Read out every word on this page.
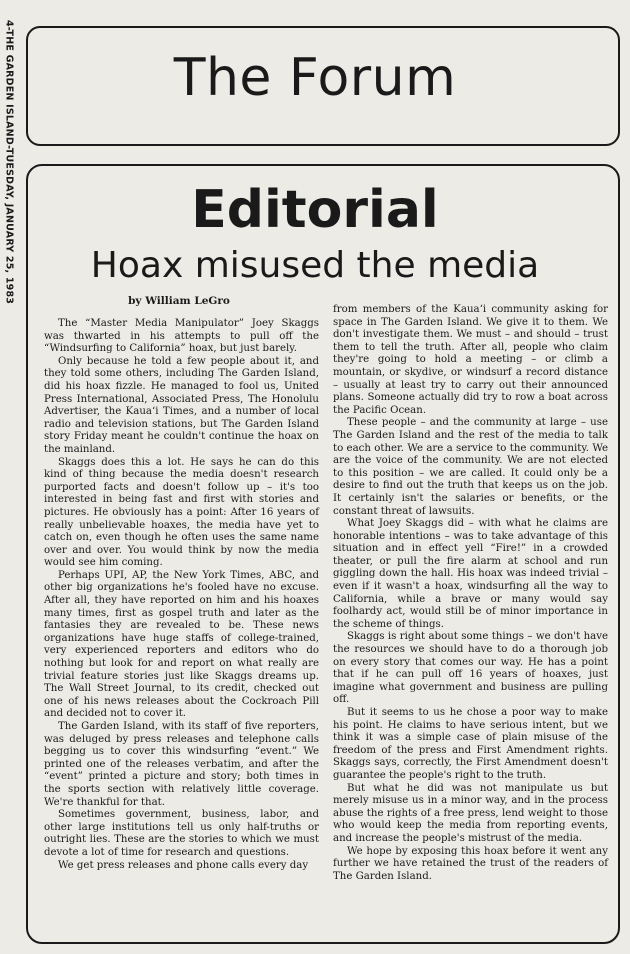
4-THE GARDEN ISLAND-TUESDAY, JANUARY 25, 1983	The Forum
Editorial
Hoax misused the media
by William LeGro

The “Master Media Manipulator” Joey Skaggs was thwarted in his attempts to pull off the “Windsurfing to California” hoax, but just barely.

Only because he told a few people about it, and they told some others, including The Garden Island, did his hoax fizzle. He managed to fool us, United Press International, Associated Press, The Honolulu Advertiser, the Kaua‘i Times, and a number of local radio and television stations, but The Garden Island story Friday meant he couldn't continue the hoax on the mainland.

Skaggs does this a lot. He says he can do this kind of thing because the media doesn't research purported facts and doesn't follow up – it's too interested in being fast and first with stories and pictures. He obviously has a point: After 16 years of really unbelievable hoaxes, the media have yet to catch on, even though he often uses the same name over and over. You would think by now the media would see him coming.

Perhaps UPI, AP, the New York Times, ABC, and other big organizations he's fooled have no excuse. After all, they have reported on him and his hoaxes many times, first as gospel truth and later as the fantasies they are revealed to be. These news organizations have huge staffs of college-trained, very experienced reporters and editors who do nothing but look for and report on what really are trivial feature stories just like Skaggs dreams up. The Wall Street Journal, to its credit, checked out one of his news releases about the Cockroach Pill and decided not to cover it.

The Garden Island, with its staff of five reporters, was deluged by press releases and telephone calls begging us to cover this windsurfing “event.” We printed one of the releases verbatim, and after the “event” printed a picture and story; both times in the sports section with relatively little coverage. We're thankful for that.

Sometimes government, business, labor, and other large institutions tell us only half-truths or outright lies. These are the stories to which we must devote a lot of time for research and questions.

We get press releases and phone calls every day

from members of the Kaua‘i community asking for space in The Garden Island. We give it to them. We don't investigate them. We must – and should – trust them to tell the truth. After all, people who claim they're going to hold a meeting – or climb a mountain, or skydive, or windsurf a record distance – usually at least try to carry out their announced plans. Someone actually did try to row a boat across the Pacific Ocean.

These people – and the community at large – use The Garden Island and the rest of the media to talk to each other. We are a service to the community. We are the voice of the community. We are not elected to this position – we are called. It could only be a desire to find out the truth that keeps us on the job. It certainly isn't the salaries or benefits, or the constant threat of lawsuits.

What Joey Skaggs did – with what he claims are honorable intentions – was to take advantage of this situation and in effect yell “Fire!” in a crowded theater, or pull the fire alarm at school and run giggling down the hall. His hoax was indeed trivial – even if it wasn't a hoax, windsurfing all the way to California, while a brave or many would say foolhardy act, would still be of minor importance in the scheme of things.

Skaggs is right about some things – we don't have the resources we should have to do a thorough job on every story that comes our way. He has a point that if he can pull off 16 years of hoaxes, just imagine what government and business are pulling off.

But it seems to us he chose a poor way to make his point. He claims to have serious intent, but we think it was a simple case of plain misuse of the freedom of the press and First Amendment rights. Skaggs says, correctly, the First Amendment doesn't guarantee the people's right to the truth.

But what he did was not manipulate us but merely misuse us in a minor way, and in the process abuse the rights of a free press, lend weight to those who would keep the media from reporting events, and increase the people's mistrust of the media.

We hope by exposing this hoax before it went any further we have retained the trust of the readers of The Garden Island.
